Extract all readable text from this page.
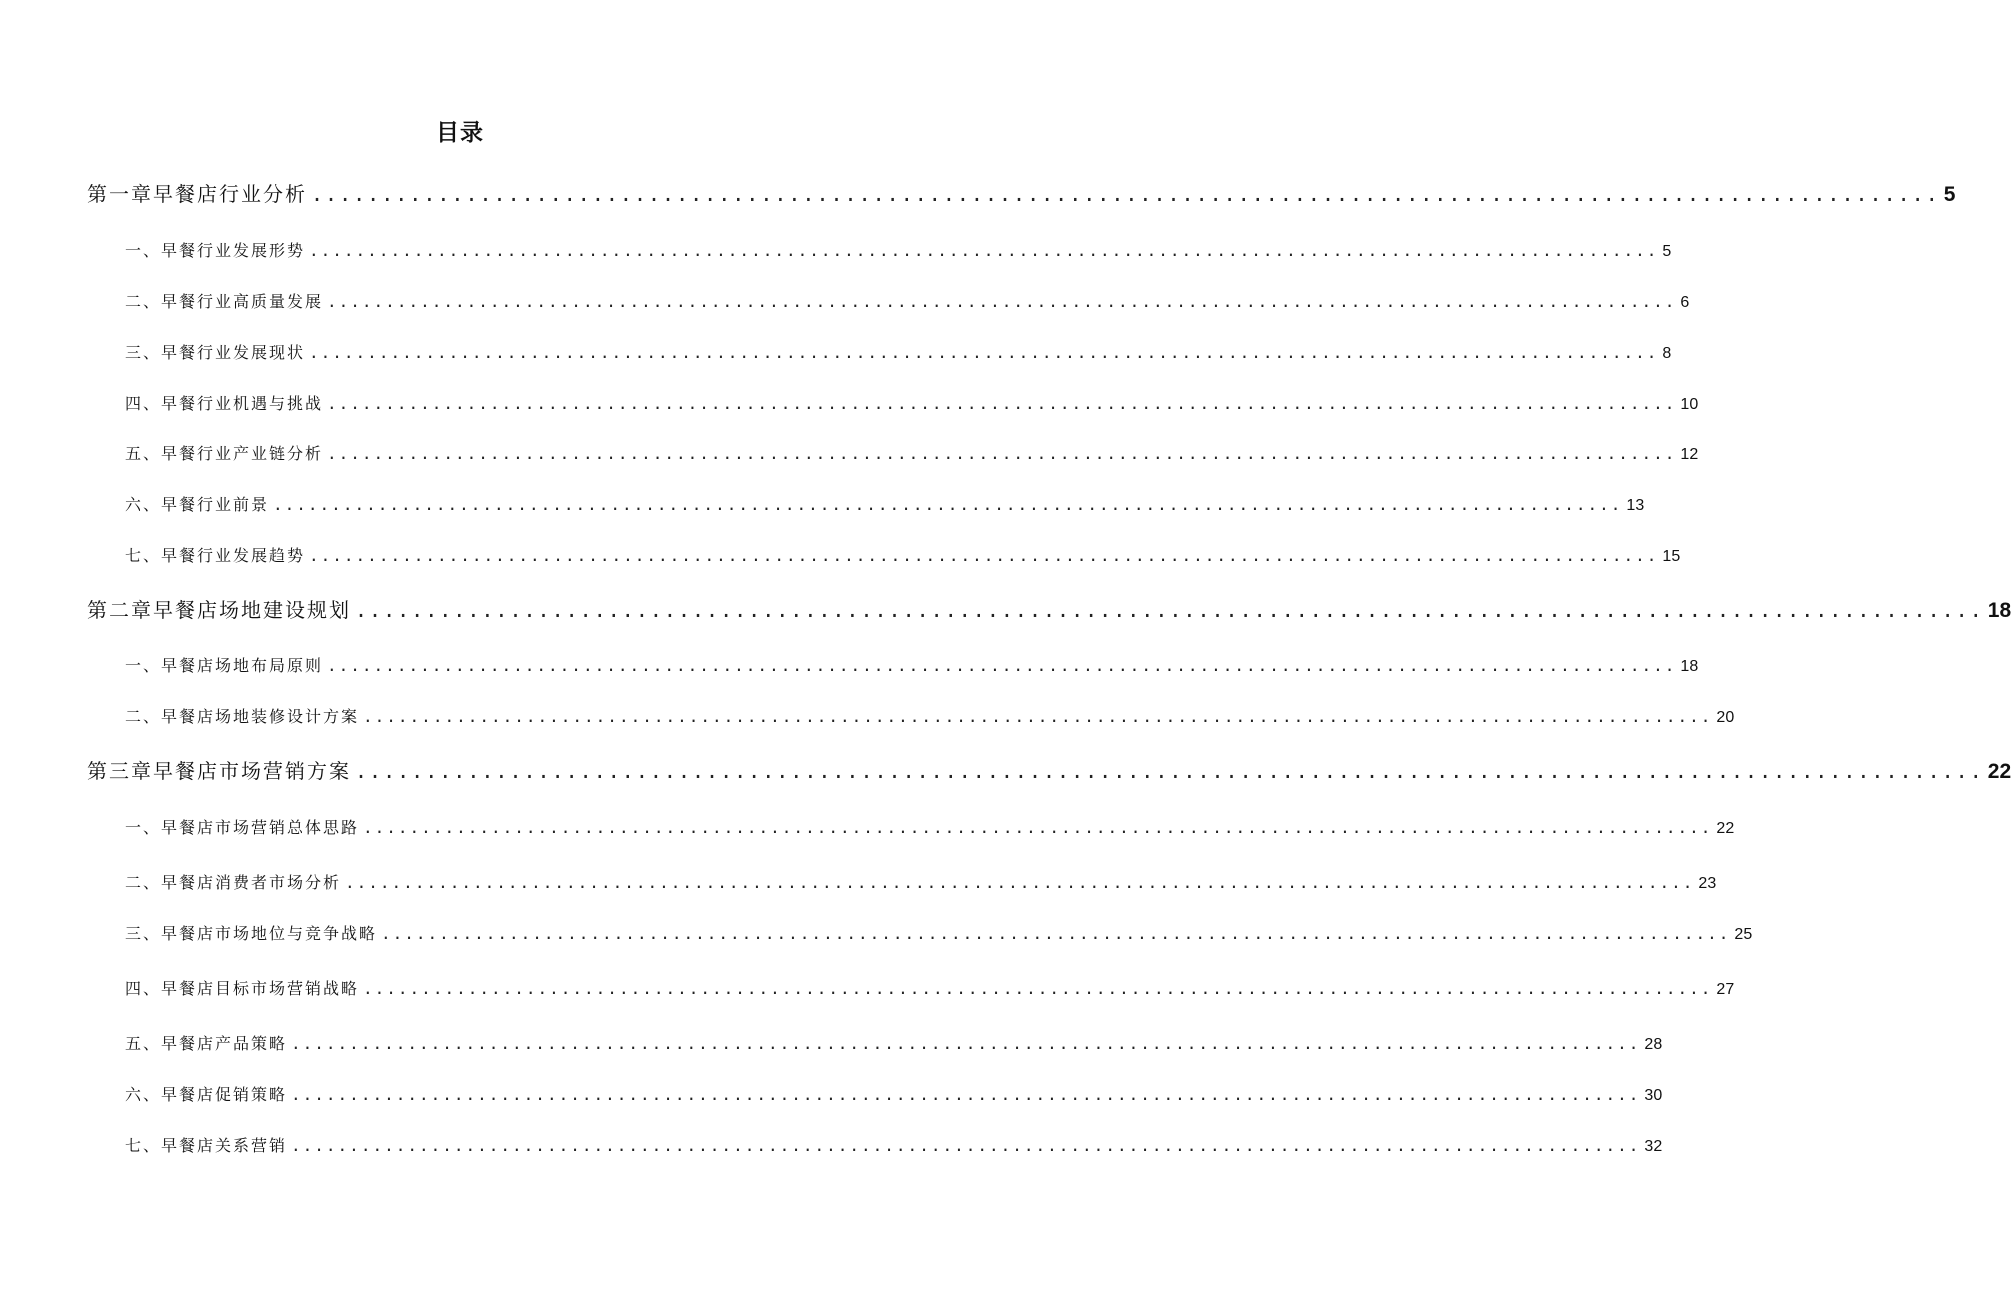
目录
第一章早餐店行业分析 .................................................................................................................... 5
一、早餐行业发展形势 .................................................................................................................... 5
二、早餐行业高质量发展 .................................................................................................................... 6
三、早餐行业发展现状 .................................................................................................................... 8
四、早餐行业机遇与挑战 .................................................................................................................... 10
五、早餐行业产业链分析 .................................................................................................................... 12
六、早餐行业前景 .................................................................................................................... 13
七、早餐行业发展趋势 .................................................................................................................... 15
第二章早餐店场地建设规划 .................................................................................................................... 18
一、早餐店场地布局原则 .................................................................................................................... 18
二、早餐店场地装修设计方案 .................................................................................................................... 20
第三章早餐店市场营销方案 .................................................................................................................... 22
一、早餐店市场营销总体思路 .................................................................................................................... 22
二、早餐店消费者市场分析 .................................................................................................................... 23
三、早餐店市场地位与竞争战略 .................................................................................................................... 25
四、早餐店目标市场营销战略 .................................................................................................................... 27
五、早餐店产品策略 .................................................................................................................... 28
六、早餐店促销策略 .................................................................................................................... 30
七、早餐店关系营销 .................................................................................................................... 32
